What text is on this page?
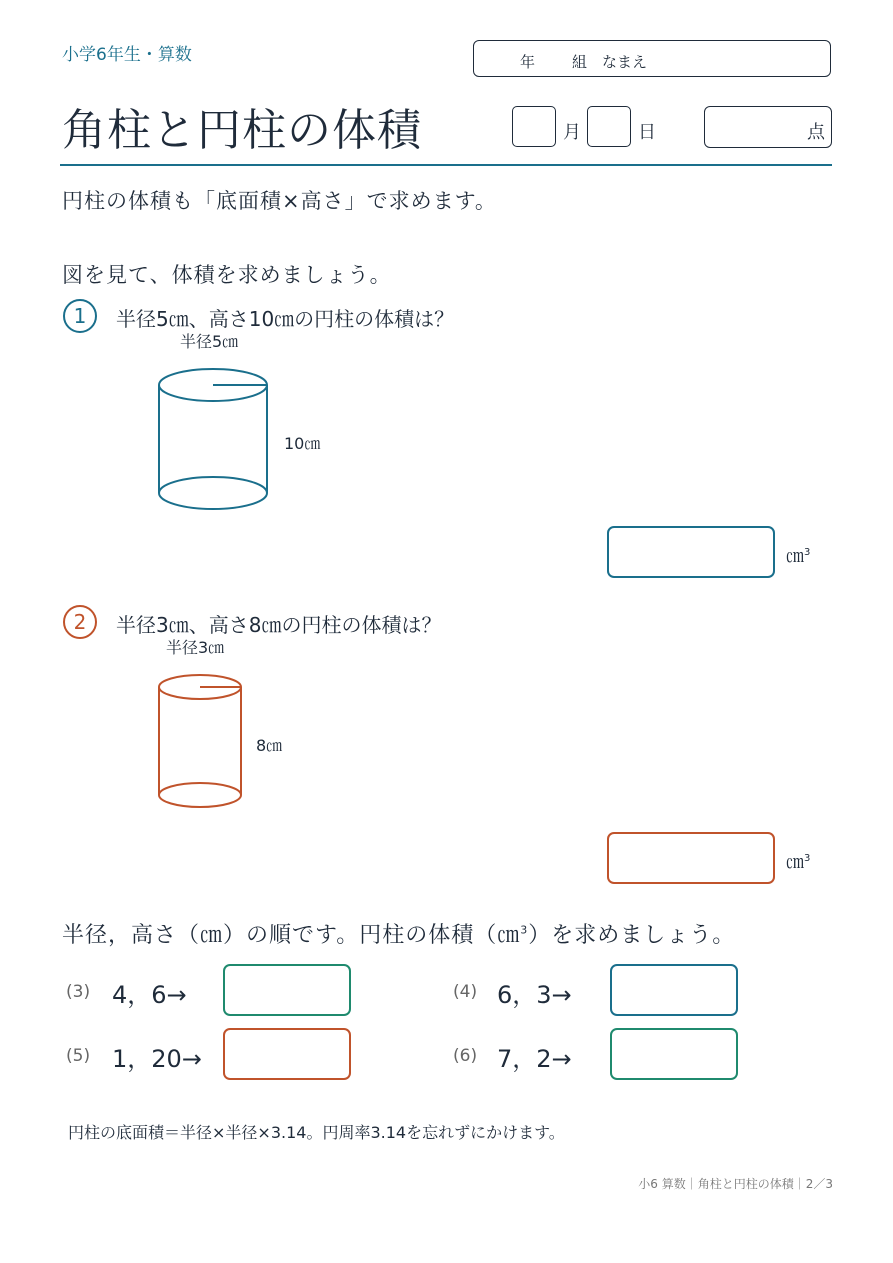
小学6年生・算数	年 組 なまえ
角柱と円柱の体積	月	日	点
円柱の体積も「底面積×高さ」で求めます。
図を見て、体積を求めましょう。
1	半径5㎝、高さ10㎝の円柱の体積は？
半径5㎝
10㎝
㎝$^3$
2	半径3㎝、高さ8㎝の円柱の体積は？
半径3㎝
8㎝
㎝$^3$
半径，高さ（㎝）の順です。円柱の体積（㎝$^3$）を求めましょう。
(3) 4，6→	(4) 6，3→
(5) 1，20→	(6) 7，2→
円柱の底面積＝半径×半径×3.14。円周率3.14を忘れずにかけます。
小6 算数｜角柱と円柱の体積｜2／3
